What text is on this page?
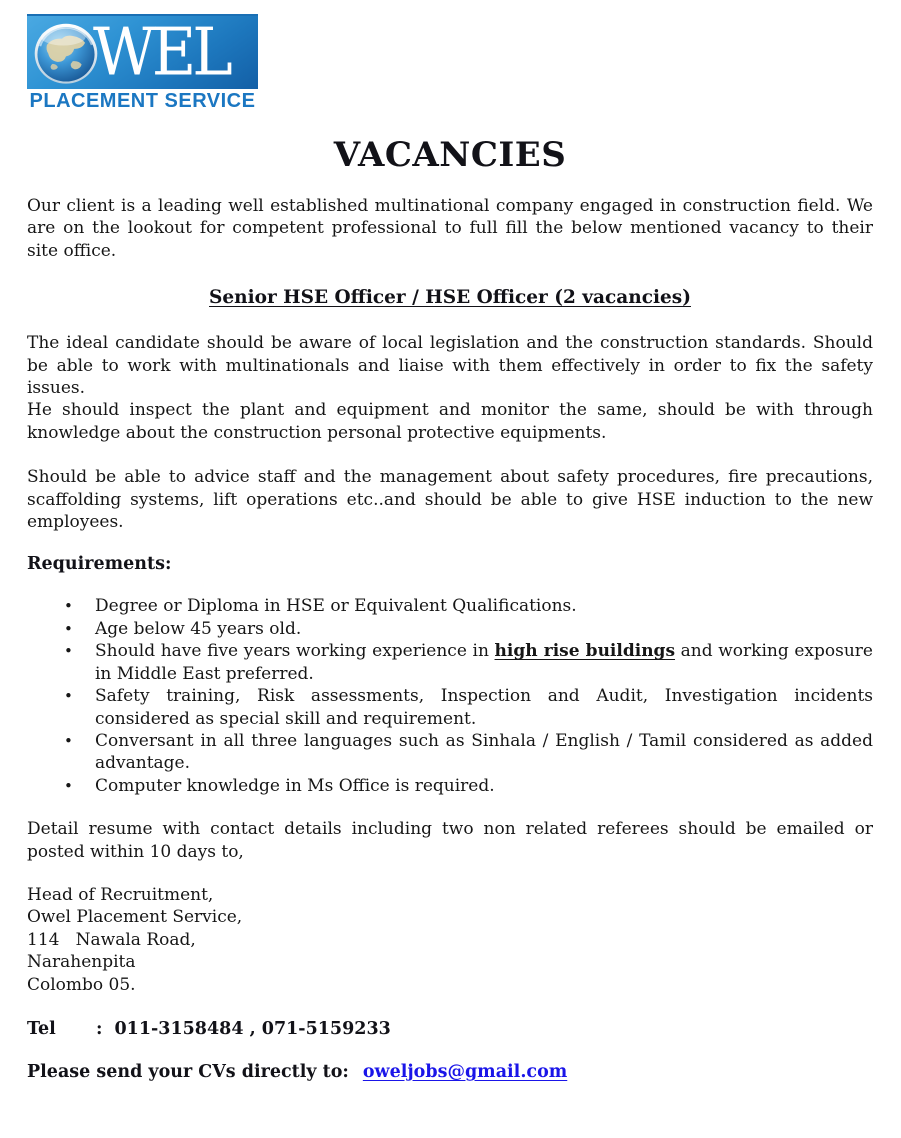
WEL
PLACEMENT SERVICE
VACANCIES

Our client is a leading well established multinational company engaged in construction field. We are on the lookout for competent professional to full fill the below mentioned vacancy to their site office.

Senior HSE Officer / HSE Officer (2 vacancies)

The ideal candidate should be aware of local legislation and the construction standards. Should be able to work with multinationals and liaise with them effectively in order to fix the safety issues.

He should inspect the plant and equipment and monitor the same, should be with through knowledge about the construction personal protective equipments.

Should be able to advice staff and the management about safety procedures, fire precautions, scaffolding systems, lift operations etc..and should be able to give HSE induction to the new employees.

Requirements:
• Degree or Diploma in HSE or Equivalent Qualifications.
• Age below 45 years old.
• Should have five years working experience in high rise buildings and working exposure in Middle East preferred.
• Safety training, Risk assessments, Inspection and Audit, Investigation incidents considered as special skill and requirement.
• Conversant in all three languages such as Sinhala / English / Tamil considered as added advantage.
• Computer knowledge in Ms Office is required.

Detail resume with contact details including two non related referees should be emailed or posted within 10 days to,

Head of Recruitment,
Owel Placement Service,
114   Nawala Road,
Narahenpita
Colombo 05.
Tel : 011-3158484 , 071-5159233
Please send your CVs directly to: oweljobs@gmail.com
